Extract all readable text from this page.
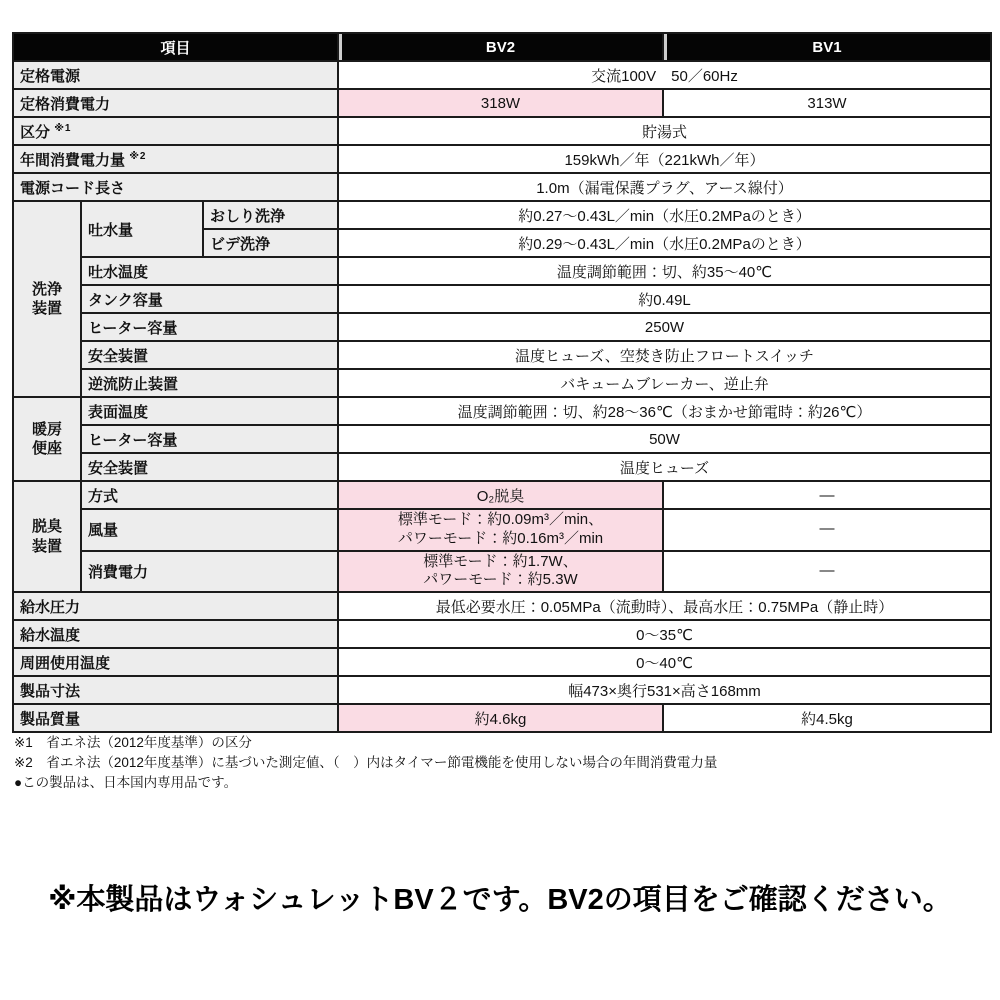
項目			BV2	BV1
定格電源			交流100V　50／60Hz	
定格消費電力			318W	313W
区分 $^{※1}$			貯湯式	
年間消費電力量 $^{※2}$			159kWh／年（221kWh／年）	
電源コード長さ			1.0m（漏電保護プラグ、アース線付）	
洗浄装置	吐水量	おしり洗浄	約0.27～0.43L／min（水圧0.2MPaのとき）	
		ビデ洗浄	約0.29～0.43L／min（水圧0.2MPaのとき）	
	吐水温度		温度調節範囲：切、約35～40℃	
	タンク容量		約0.49L	
	ヒーター容量		250W	
	安全装置		温度ヒューズ、空焚き防止フロートスイッチ	
	逆流防止装置		バキュームブレーカー、逆止弁	
暖房便座	表面温度		温度調節範囲：切、約28～36℃（おまかせ節電時：約26℃）	
	ヒーター容量		50W	
	安全装置		温度ヒューズ	
脱臭装置	方式		O₂脱臭	―
	風量		標準モード：約0.09m³／min、
パワーモード：約0.16m³／min	―
	消費電力		標準モード：約1.7W、
パワーモード：約5.3W	―
給水圧力			最低必要水圧：0.05MPa（流動時）、最高水圧：0.75MPa（静止時）	
給水温度			0～35℃	
周囲使用温度			0～40℃	
製品寸法			幅473×奥行531×高さ168mm	
製品質量			約4.6kg	約4.5kg
※1　省エネ法（2012年度基準）の区分
※2　省エネ法（2012年度基準）に基づいた測定値、（　）内はタイマー節電機能を使用しない場合の年間消費電力量
●この製品は、日本国内専用品です。
※本製品はウォシュレットBV２です。BV2の項目をご確認ください。
